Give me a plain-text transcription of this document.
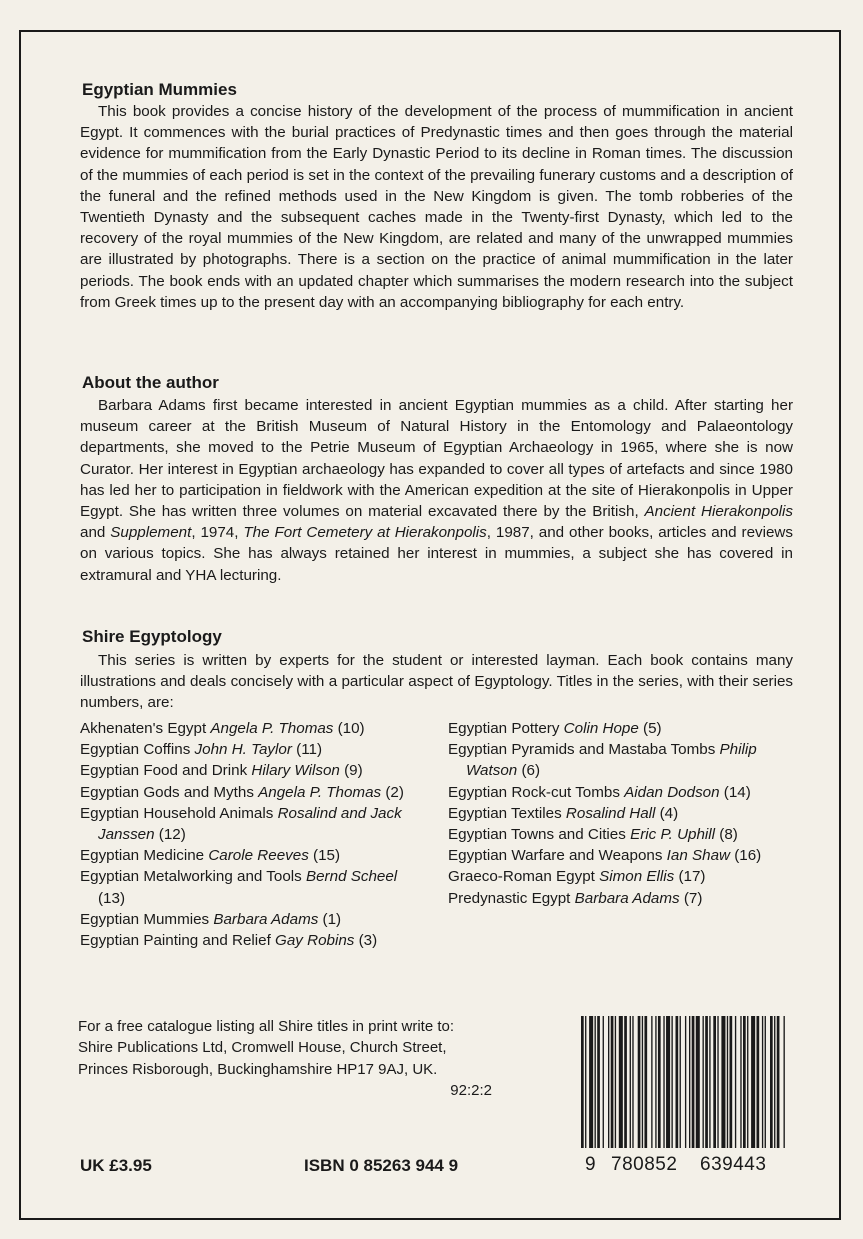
Egyptian Mummies

This book provides a concise history of the development of the process of mummification in ancient Egypt. It commences with the burial practices of Predynastic times and then goes through the material evidence for mummification from the Early Dynastic Period to its decline in Roman times. The discussion of the mummies of each period is set in the context of the prevailing funerary customs and a description of the funeral and the refined methods used in the New Kingdom is given. The tomb robberies of the Twentieth Dynasty and the subsequent caches made in the Twenty-first Dynasty, which led to the recovery of the royal mummies of the New Kingdom, are related and many of the unwrapped mummies are illustrated by photographs. There is a section on the practice of animal mummification in the later periods. The book ends with an updated chapter which summarises the modern research into the subject from Greek times up to the present day with an accompanying bibliography for each entry.

About the author

Barbara Adams first became interested in ancient Egyptian mummies as a child. After starting her museum career at the British Museum of Natural History in the Entomology and Palaeontology departments, she moved to the Petrie Museum of Egyptian Archaeology in 1965, where she is now Curator. Her interest in Egyptian archaeology has expanded to cover all types of artefacts and since 1980 has led her to participation in fieldwork with the American expedition at the site of Hierakonpolis in Upper Egypt. She has written three volumes on material excavated there by the British, Ancient Hierakonpolis and Supplement, 1974, The Fort Cemetery at Hierakonpolis, 1987, and other books, articles and reviews on various topics. She has always retained her interest in mummies, a subject she has covered in extramural and YHA lecturing.

Shire Egyptology

This series is written by experts for the student or interested layman. Each book contains many illustrations and deals concisely with a particular aspect of Egyptology. Titles in the series, with their series numbers, are:

Akhenaten's Egypt Angela P. Thomas (10)
Egyptian Coffins John H. Taylor (11)
Egyptian Food and Drink Hilary Wilson (9)
Egyptian Gods and Myths Angela P. Thomas (2)
Egyptian Household Animals Rosalind and Jack Janssen (12)
Egyptian Medicine Carole Reeves (15)
Egyptian Metalworking and Tools Bernd Scheel (13)
Egyptian Mummies Barbara Adams (1)
Egyptian Painting and Relief Gay Robins (3)
Egyptian Pottery Colin Hope (5)
Egyptian Pyramids and Mastaba Tombs Philip Watson (6)
Egyptian Rock-cut Tombs Aidan Dodson (14)
Egyptian Textiles Rosalind Hall (4)
Egyptian Towns and Cities Eric P. Uphill (8)
Egyptian Warfare and Weapons Ian Shaw (16)
Graeco-Roman Egypt Simon Ellis (17)
Predynastic Egypt Barbara Adams (7)
For a free catalogue listing all Shire titles in print write to:
Shire Publications Ltd, Cromwell House, Church Street,
Princes Risborough, Buckinghamshire HP17 9AJ, UK.
92:2:2
UK £3.95	ISBN 0 85263 944 9	9 780852 639443
